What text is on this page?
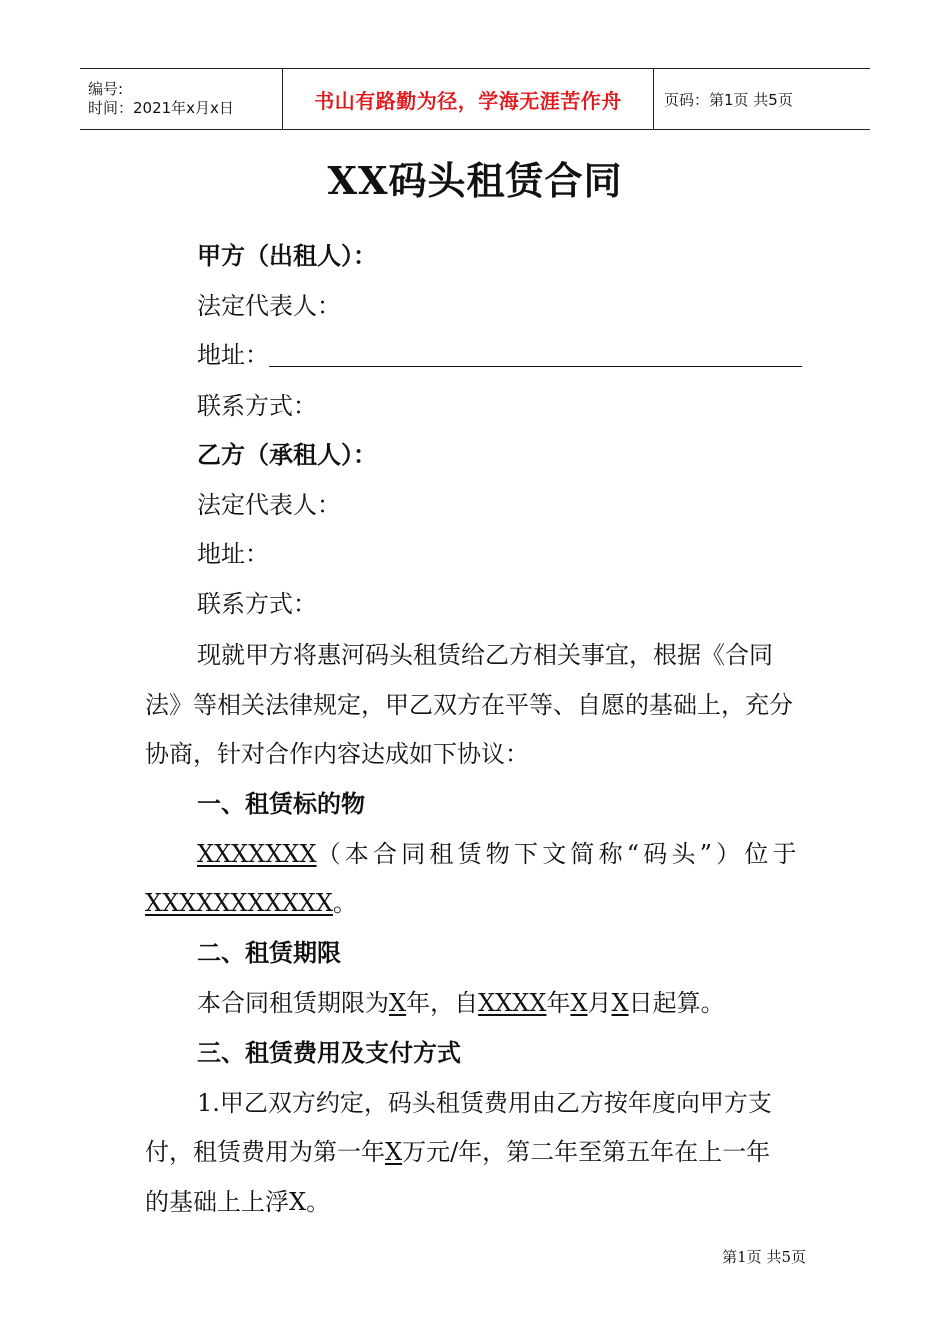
编号:
时间：2021年x月x日	书山有路勤为径，学海无涯苦作舟	页码：第1页 共5页
XX码头租赁合同
甲方（出租人）：
法定代表人：
地址：
联系方式：
乙方（承租人）：
法定代表人：
地址：
联系方式：
现就甲方将惠河码头租赁给乙方相关事宜，根据《合同
法》等相关法律规定，甲乙双方在平等、自愿的基础上，充分
协商，针对合作内容达成如下协议：
一、租赁标的物
XXXXXXX（本合同租赁物下文简称“码头”）位于
XXXXXXXXXXX。
二、租赁期限
本合同租赁期限为X年，自XXXX年X月X日起算。
三、租赁费用及支付方式
1.甲乙双方约定，码头租赁费用由乙方按年度向甲方支
付，租赁费用为第一年X万元/年，第二年至第五年在上一年
的基础上上浮X。
第1页 共5页
